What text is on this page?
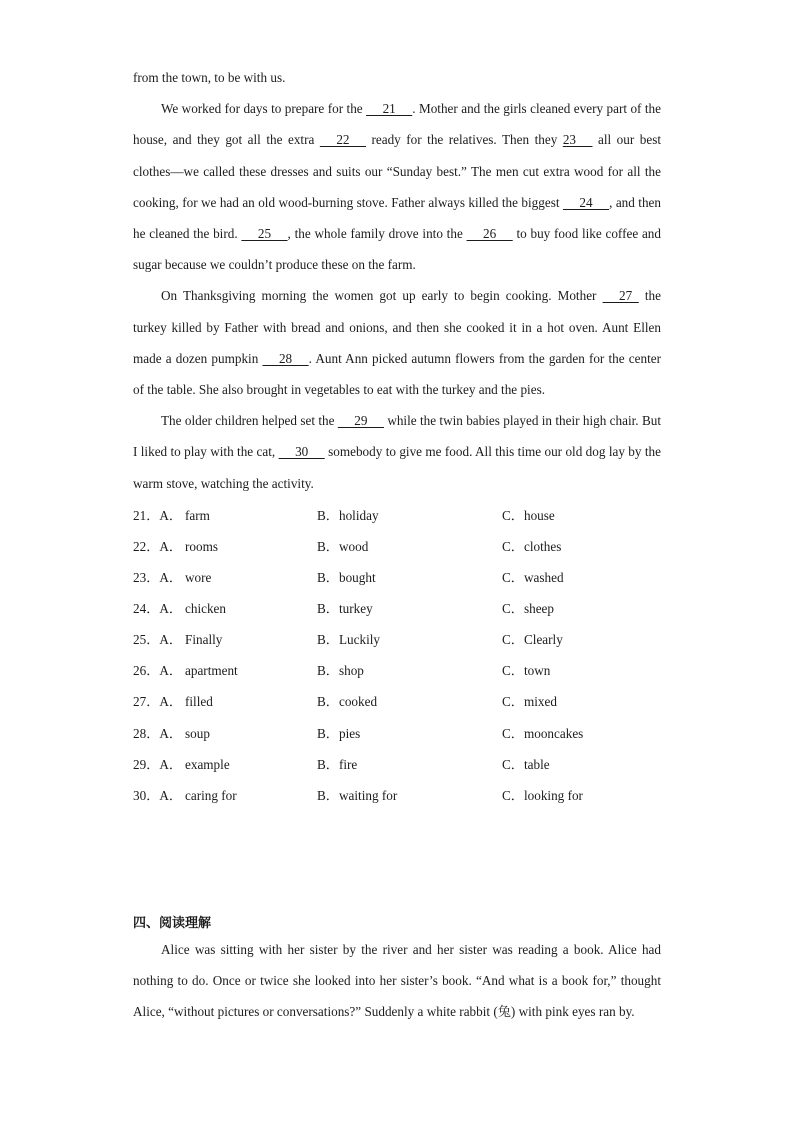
from the town, to be with us.

We worked for days to prepare for the      21     . Mother and the girls cleaned every part of the house, and they got all the extra      22      ready for the relatives. Then they 23      all our best clothes—we called these dresses and suits our “Sunday best.” The men cut extra wood for all the cooking, for we had an old wood-burning stove. Father always killed the biggest      24     , and then he cleaned the bird.      25     , the whole family drove into the      26      to buy food like coffee and sugar because we couldn’t produce these on the farm.

On Thanksgiving morning the women got up early to begin cooking. Mother      27   the turkey killed by Father with bread and onions, and then she cooked it in a hot oven. Aunt Ellen made a dozen pumpkin      28     . Aunt Ann picked autumn flowers from the garden for the center of the table. She also brought in vegetables to eat with the turkey and the pies.

The older children helped set the      29      while the twin babies played in their high chair. But I liked to play with the cat,      30      somebody to give me food. All this time our old dog lay by the warm stove, watching the activity.

21．A． farm	B．holiday	C．house
22．A． rooms	B．wood	C．clothes
23．A． wore	B．bought	C．washed
24．A． chicken	B．turkey	C．sheep
25．A． Finally	B．Luckily	C．Clearly
26．A． apartment	B．shop	C．town
27．A． filled	B．cooked	C．mixed
28．A． soup	B．pies	C．mooncakes
29．A． example	B．fire	C．table
30．A． caring for	B．waiting for	C．looking for
四、阅读理解

Alice was sitting with her sister by the river and her sister was reading a book. Alice had nothing to do. Once or twice she looked into her sister’s book. “And what is a book for,” thought Alice, “without pictures or conversations?” Suddenly a white rabbit (兔) with pink eyes ran by.
